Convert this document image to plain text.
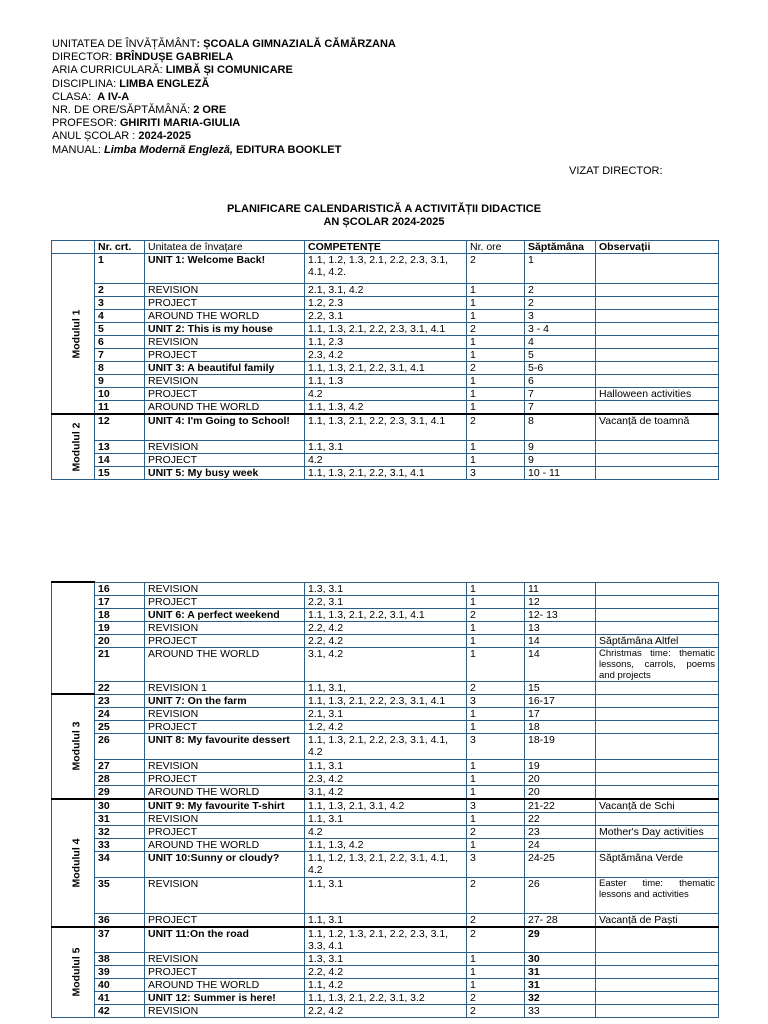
UNITATEA DE ÎNVĂȚĂMÂNT: ȘCOALA GIMNAZIALĂ CĂMĂRZANA
DIRECTOR: BRÎNDUȘE GABRIELA
ARIA CURRICULARĂ: LIMBĂ ȘI COMUNICARE
DISCIPLINA: LIMBA ENGLEZĂ
CLASA: A IV-A
NR. DE ORE/SĂPTĂMÂNĂ: 2 ORE
PROFESOR: GHIRITI MARIA-GIULIA
ANUL ȘCOLAR : 2024-2025
MANUAL: Limba Modernă Engleză, EDITURA BOOKLET
VIZAT DIRECTOR:
PLANIFICARE CALENDARISTICĂ A ACTIVITĂȚII DIDACTICE
AN ȘCOLAR 2024-2025
	Nr. crt.	Unitatea de învațare	COMPETENȚE	Nr. ore	Săptămâna	Observații
Modulul 1	1	UNIT 1: Welcome Back!	1.1, 1.2, 1.3, 2.1, 2.2, 2.3, 3.1, 4.1, 4.2.	2	1	
	2	REVISION	2.1, 3.1, 4.2	1	2	
	3	PROJECT	1.2, 2.3	1	2	
	4	AROUND THE WORLD	2.2, 3.1	1	3	
	5	UNIT 2: This is my house	1.1, 1.3, 2.1, 2.2, 2.3, 3.1, 4.1	2	3 - 4	
	6	REVISION	1.1, 2.3	1	4	
	7	PROJECT	2.3, 4.2	1	5	
	8	UNIT 3: A beautiful family	1.1, 1.3, 2.1, 2.2, 3.1, 4.1	2	5-6	
	9	REVISION	1.1, 1.3	1	6	
	10	PROJECT	4.2	1	7	Halloween activities
	11	AROUND THE WORLD	1.1, 1.3, 4.2	1	7	
Modulul 2	12	UNIT 4: I'm Going to School!	1.1, 1.3, 2.1, 2.2, 2.3, 3.1, 4.1	2	8	Vacanță de toamnă
	13	REVISION	1.1, 3.1	1	9	
	14	PROJECT	4.2	1	9	
	15	UNIT 5: My busy week	1.1, 1.3, 2.1, 2.2, 3.1, 4.1	3	10 - 11	
	16	REVISION	1.3, 3.1	1	11	
	17	PROJECT	2.2, 3.1	1	12	
	18	UNIT 6: A perfect weekend	1.1, 1.3, 2.1, 2.2, 3.1, 4.1	2	12- 13	
	19	REVISION	2.2, 4.2	1	13	
	20	PROJECT	2.2, 4.2	1	14	Săptămâna Altfel
	21	AROUND THE WORLD	3.1, 4.2	1	14	Christmas time: thematic lessons, carrols, poems and projects
	22	REVISION 1	1.1, 3.1,	2	15	
Modulul 3	23	UNIT 7: On the farm	1.1, 1.3, 2.1, 2.2, 2.3, 3.1, 4.1	3	16-17	
	24	REVISION	2.1, 3.1	1	17	
	25	PROJECT	1.2, 4.2	1	18	
	26	UNIT 8: My favourite dessert	1.1, 1.3, 2.1, 2.2, 2.3, 3.1, 4.1, 4.2	3	18-19	
	27	REVISION	1.1, 3.1	1	19	
	28	PROJECT	2.3, 4.2	1	20	
	29	AROUND THE WORLD	3.1, 4.2	1	20	
Modulul 4	30	UNIT 9: My favourite T-shirt	1.1, 1.3, 2.1, 3.1, 4.2	3	21-22	Vacanță de Schi
	31	REVISION	1.1, 3.1	1	22	
	32	PROJECT	4.2	2	23	Mother's Day activities
	33	AROUND THE WORLD	1.1, 1.3, 4.2	1	24	
	34	UNIT 10:Sunny or cloudy?	1.1, 1.2, 1.3, 2.1, 2.2, 3.1, 4.1, 4.2	3	24-25	Săptămâna Verde
	35	REVISION	1.1, 3.1	2	26	Easter time: thematic lessons and activities
	36	PROJECT	1.1, 3.1	2	27- 28	Vacanță de Paști
Modulul 5	37	UNIT 11:On the road	1.1, 1.2, 1.3, 2.1, 2.2, 2.3, 3.1, 3.3, 4.1	2	29	
	38	REVISION	1.3, 3.1	1	30	
	39	PROJECT	2.2, 4.2	1	31	
	40	AROUND THE WORLD	1.1, 4.2	1	31	
	41	UNIT 12: Summer is here!	1.1, 1.3, 2.1, 2.2, 3.1, 3.2	2	32	
	42	REVISION	2.2, 4.2	2	33	
